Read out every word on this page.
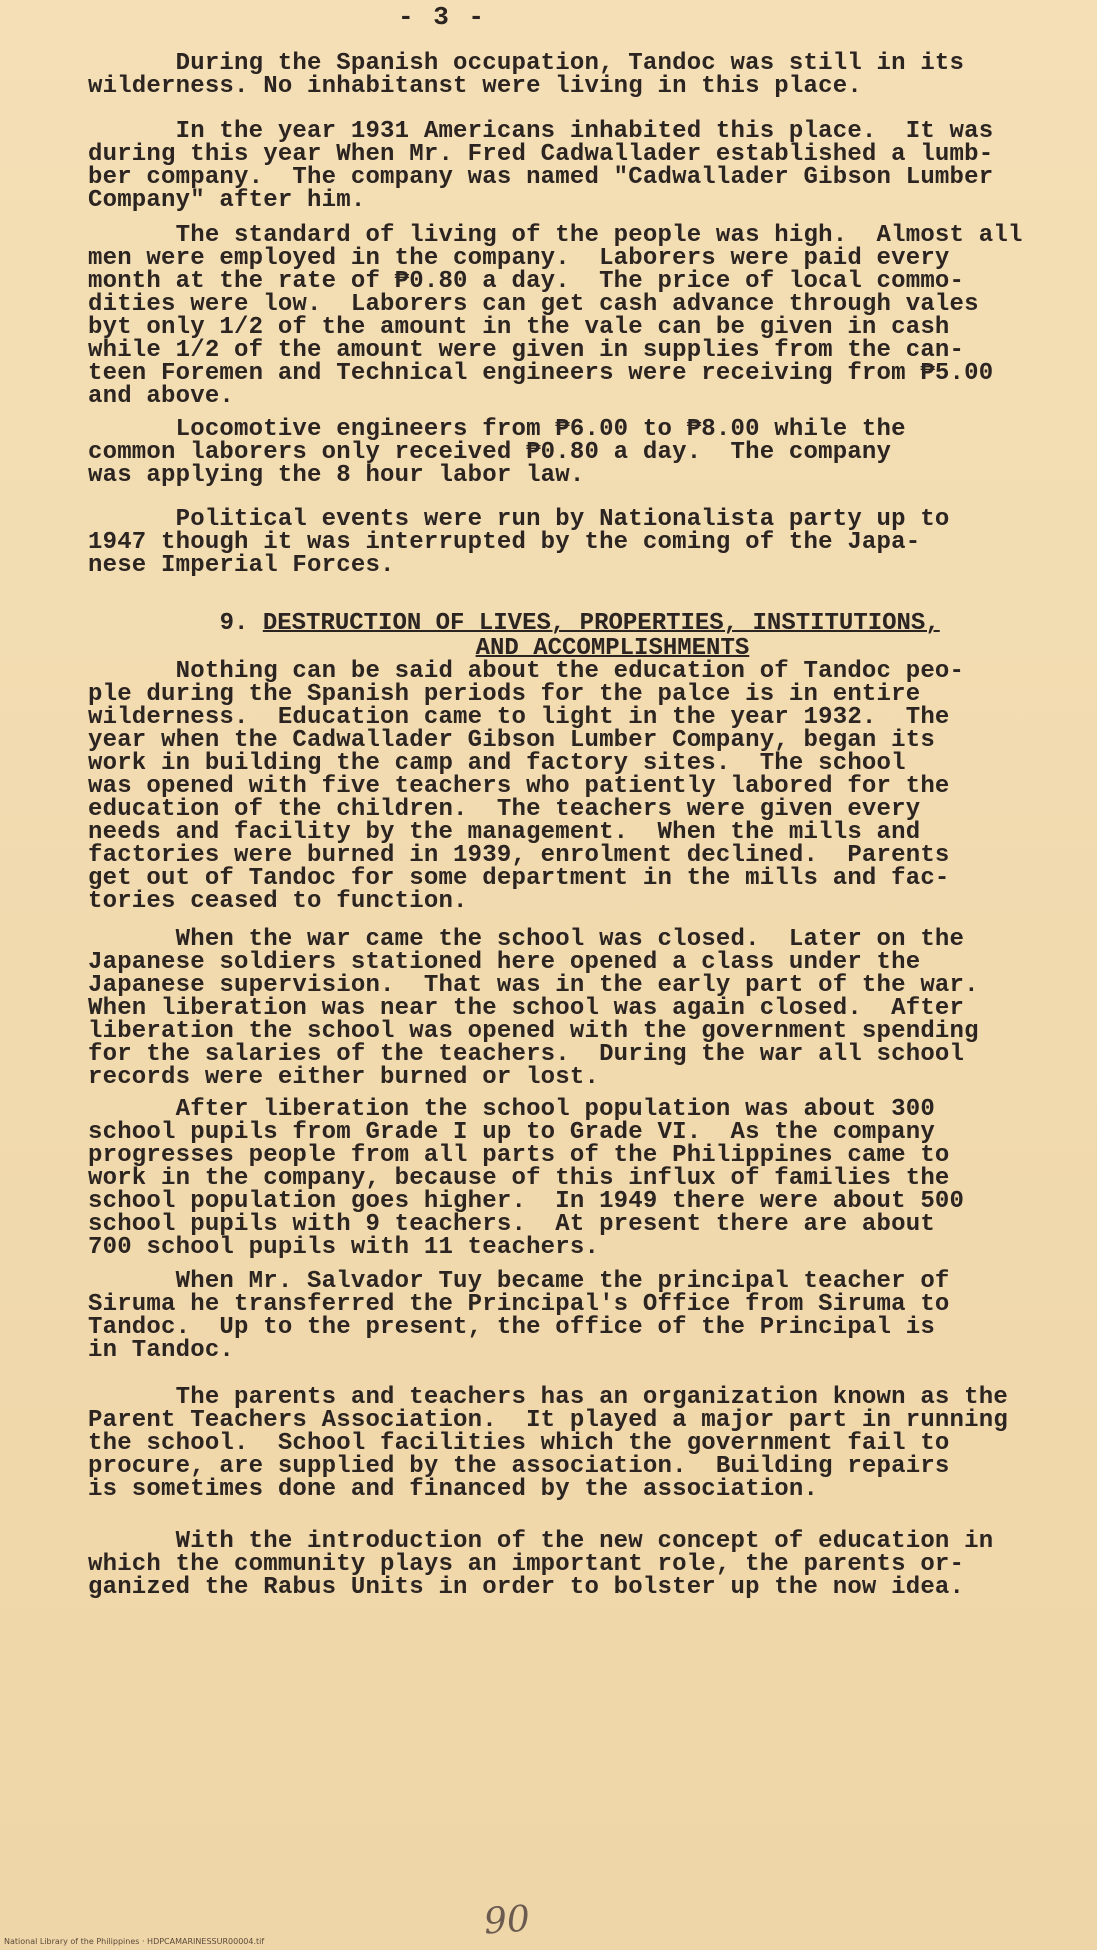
- 3 -
During the Spanish occupation, Tandoc was still in its
wilderness. No inhabitanst were living in this place.
In the year 1931 Americans inhabited this place.  It was
during this year When Mr. Fred Cadwallader established a lumb-
ber company.  The company was named "Cadwallader Gibson Lumber
Company" after him.
The standard of living of the people was high.  Almost all
men were employed in the company.  Laborers were paid every
month at the rate of ₱0.80 a day.  The price of local commo-
dities were low.  Laborers can get cash advance through vales
byt only 1/2 of the amount in the vale can be given in cash
while 1/2 of the amount were given in supplies from the can-
teen Foremen and Technical engineers were receiving from ₱5.00
and above.
Locomotive engineers from ₱6.00 to ₱8.00 while the
common laborers only received ₱0.80 a day.  The company
was applying the 8 hour labor law.
Political events were run by Nationalista party up to
1947 though it was interrupted by the coming of the Japa-
nese Imperial Forces.

9. DESTRUCTION OF LIVES, PROPERTIES, INSTITUTIONS,

AND ACCOMPLISHMENTS

Nothing can be said about the education of Tandoc peo-
ple during the Spanish periods for the palce is in entire
wilderness.  Education came to light in the year 1932.  The
year when the Cadwallader Gibson Lumber Company, began its
work in building the camp and factory sites.  The school
was opened with five teachers who patiently labored for the
education of the children.  The teachers were given every
needs and facility by the management.  When the mills and
factories were burned in 1939, enrolment declined.  Parents
get out of Tandoc for some department in the mills and fac-
tories ceased to function.
When the war came the school was closed.  Later on the
Japanese soldiers stationed here opened a class under the
Japanese supervision.  That was in the early part of the war.
When liberation was near the school was again closed.  After
liberation the school was opened with the government spending
for the salaries of the teachers.  During the war all school
records were either burned or lost.
After liberation the school population was about 300
school pupils from Grade I up to Grade VI.  As the company
progresses people from all parts of the Philippines came to
work in the company, because of this influx of families the
school population goes higher.  In 1949 there were about 500
school pupils with 9 teachers.  At present there are about
700 school pupils with 11 teachers.
When Mr. Salvador Tuy became the principal teacher of
Siruma he transferred the Principal's Office from Siruma to
Tandoc.  Up to the present, the office of the Principal is
in Tandoc.
The parents and teachers has an organization known as the
Parent Teachers Association.  It played a major part in running
the school.  School facilities which the government fail to
procure, are supplied by the association.  Building repairs
is sometimes done and financed by the association.
With the introduction of the new concept of education in
which the community plays an important role, the parents or-
ganized the Rabus Units in order to bolster up the now idea.
90
National Library of the Philippines · HDPCAMARINESSUR00004.tif
